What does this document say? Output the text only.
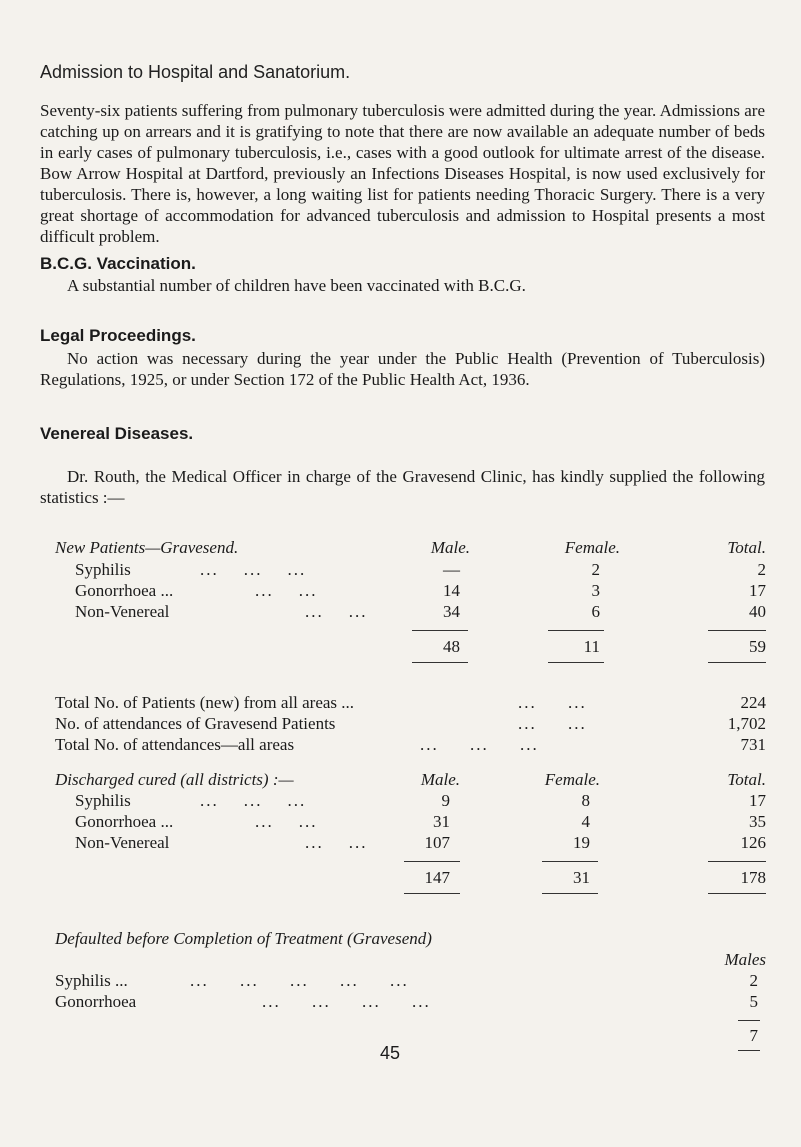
Admission to Hospital and Sanatorium.
Seventy-six patients suffering from pulmonary tuberculosis were admitted during the year. Admissions are catching up on arrears and it is gratifying to note that there are now available an adequate number of beds in early cases of pulmonary tuberculosis, i.e., cases with a good outlook for ultimate arrest of the disease. Bow Arrow Hospital at Dartford, previously an Infections Diseases Hospital, is now used exclusively for tuberculosis. There is, however, a long waiting list for patients needing Thoracic Surgery. There is a very great shortage of accommodation for advanced tuberculosis and admission to Hospital presents a most difficult problem.
B.C.G. Vaccination.
A substantial number of children have been vaccinated with B.C.G.
Legal Proceedings.
No action was necessary during the year under the Public Health (Prevention of Tuberculosis) Regulations, 1925, or under Section 172 of the Public Health Act, 1936.
Venereal Diseases.
Dr. Routh, the Medical Officer in charge of the Gravesend Clinic, has kindly supplied the following statistics :—
New Patients—Gravesend.	Male.	Female.	Total.
Syphilis	...    ...    ...	—	2	2
Gonorrhoea ...	...    ...	14	3	17
Non-Venereal	...    ...	34	6	40
48	11	59
Total No. of Patients (new) from all areas ...	...     ...	224
No. of attendances of Gravesend Patients	...     ...	1,702
Total No. of attendances—all areas	...     ...     ...	731
Discharged cured (all districts) :—	Male.	Female.	Total.
Syphilis	...    ...    ...	9	8	17
Gonorrhoea ...	...    ...	31	4	35
Non-Venereal	...    ...	107	19	126
147	31	178
Defaulted before Completion of Treatment (Gravesend)
Males
Syphilis ...	...     ...     ...     ...     ...	2
Gonorrhoea	...     ...     ...     ...	5
7
45
